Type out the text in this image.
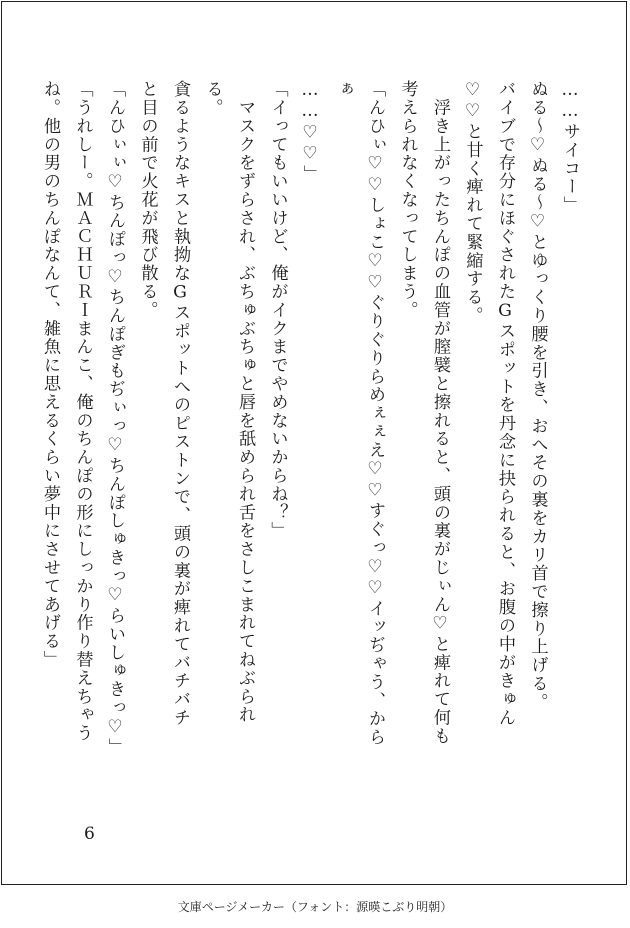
……サイコー」

ぬる〜♡ぬる〜♡とゆっくり腰を引き、おへその裏をカリ首で擦り上げる。

バイブで存分にほぐされたGスポットを丹念に抉られると、お腹の中がきゅん

♡♡と甘く痺れて緊縮する。

　浮き上がったちんぽの血管が膣襞と擦れると、頭の裏がじぃん♡と痺れて何も

考えられなくなってしまう。

「んひぃ♡♡しょこ♡♡ぐりぐりらめぇぇえ♡♡すぐっ♡♡イッぢゃう、からぁ

……♡♡」

「イってもいいけど、俺がイクまでやめないからね？」

　マスクをずらされ、ぶちゅぶちゅと唇を舐められ舌をさしこまれてねぶられる。

貪るようなキスと執拗なGスポットへのピストンで、頭の裏が痺れてバチバチ

と目の前で火花が飛び散る。

「んひぃぃ♡ちんぽっ♡ちんぽぎもぢぃっ♡ちんぽしゅきっ♡らいしゅきっ♡」

「うれしー。ＭＡＣＨＵＲＩまんこ、俺のちんぽの形にしっかり作り替えちゃう

ね。他の男のちんぽなんて、雑魚に思えるくらい夢中にさせてあげる」

6
文庫ページメーカー（フォント：源暎こぶり明朝）
